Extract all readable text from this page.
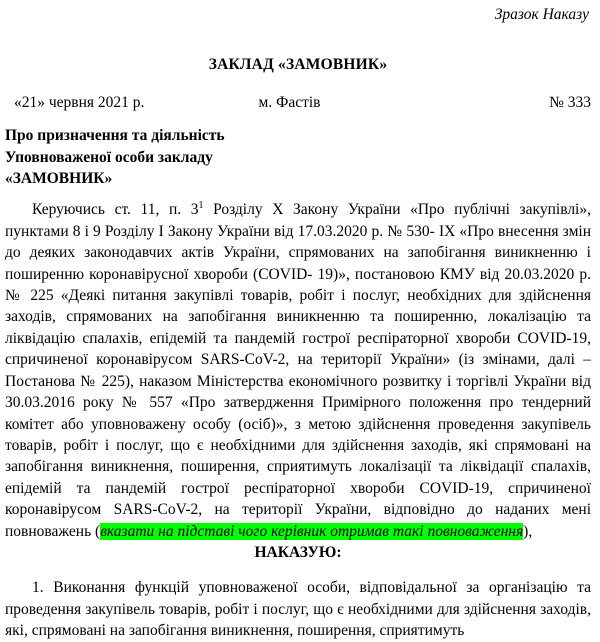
Зразок Наказу
ЗАКЛАД «ЗАМОВНИК»
«21» червня 2021 р.	м. Фастів	№ 333
Про призначення та діяльність
Уповноваженої особи закладу
«ЗАМОВНИК»

Керуючись ст. 11, п. 3$^1$ Розділу X Закону України «Про публічні закупівлі», пунктами 8 і 9 Розділу I Закону України від 17.03.2020 р. № 530- IX «Про внесення змін до деяких законодавчих актів України, спрямованих на запобігання виникненню і поширенню коронавірусної хвороби (COVID- 19)», постановою КМУ від 20.03.2020 р. № 225 «Деякі питання закупівлі товарів, робіт і послуг, необхідних для здійснення заходів, спрямованих на запобігання виникненню та поширенню, локалізацію та ліквідацію спалахів, епідемій та пандемій гострої респіраторної хвороби COVID-19, спричиненої коронавірусом SARS-CoV-2, на території України» (із змінами, далі – Постанова № 225), наказом Міністерства економічного розвитку і торгівлі України від 30.03.2016 року № 557 «Про затвердження Примірного положення про тендерний комітет або уповноважену особу (осіб)», з метою здійснення проведення закупівель товарів, робіт і послуг, що є необхідними для здійснення заходів, які спрямовані на запобігання виникнення, поширення, сприятимуть локалізації та ліквідації спалахів, епідемій та пандемій гострої респіраторної хвороби COVID-19, спричиненої коронавірусом SARS-CoV-2, на території України, відповідно до наданих мені повноважень (вказати на підставі чого керівник отримав такі повноваження),

НАКАЗУЮ:

1. Виконання функцій уповноваженої особи, відповідальної за організацію та проведення закупівель товарів, робіт і послуг, що є необхідними для здійснення заходів, які, спрямовані на запобігання виникнення, поширення, сприятимуть
